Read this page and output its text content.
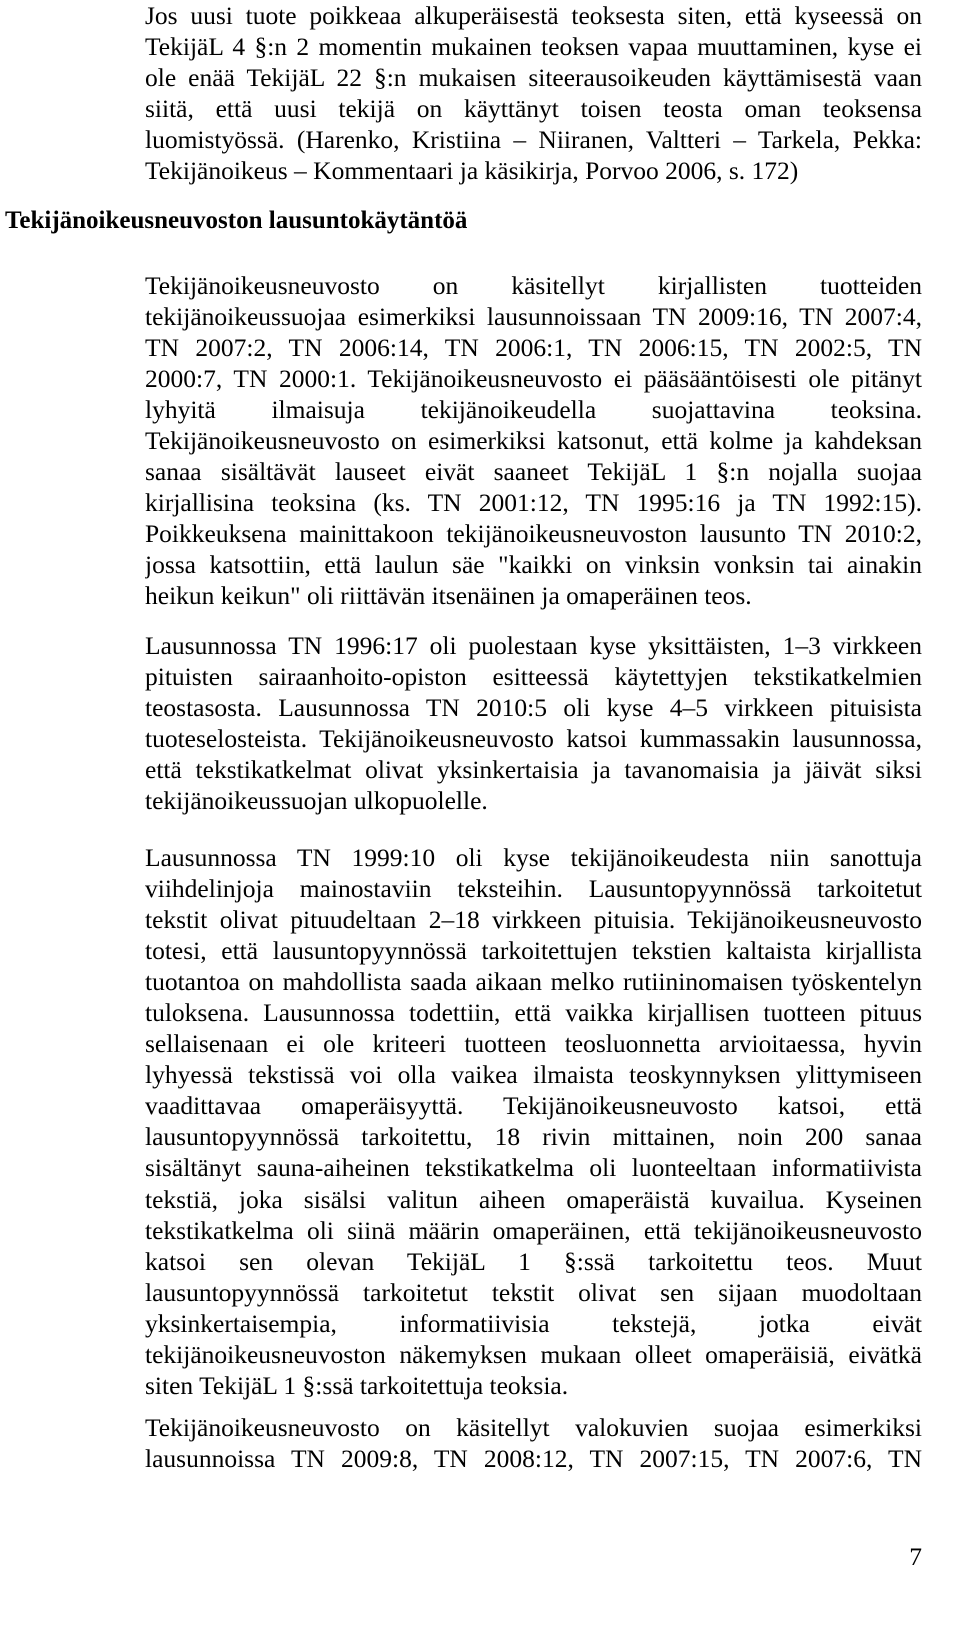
Jos uusi tuote poikkeaa alkuperäisestä teoksesta siten, että kyseessä on
TekijäL 4 §:n 2 momentin mukainen teoksen vapaa muuttaminen, kyse ei
ole enää TekijäL 22 §:n mukaisen siteerausoikeuden käyttämisestä vaan
siitä, että uusi tekijä on käyttänyt toisen teosta oman teoksensa
luomistyössä. (Harenko, Kristiina – Niiranen, Valtteri – Tarkela, Pekka:
Tekijänoikeus – Kommentaari ja käsikirja, Porvoo 2006, s. 172)
Tekijänoikeusneuvoston lausuntokäytäntöä
Tekijänoikeusneuvosto on käsitellyt kirjallisten tuotteiden
tekijänoikeussuojaa esimerkiksi lausunnoissaan TN 2009:16, TN 2007:4,
TN 2007:2, TN 2006:14, TN 2006:1, TN 2006:15, TN 2002:5, TN
2000:7, TN 2000:1. Tekijänoikeusneuvosto ei pääsääntöisesti ole pitänyt
lyhyitä ilmaisuja tekijänoikeudella suojattavina teoksina.
Tekijänoikeusneuvosto on esimerkiksi katsonut, että kolme ja kahdeksan
sanaa sisältävät lauseet eivät saaneet TekijäL 1 §:n nojalla suojaa
kirjallisina teoksina (ks. TN 2001:12, TN 1995:16 ja TN 1992:15).
Poikkeuksena mainittakoon tekijänoikeusneuvoston lausunto TN 2010:2,
jossa katsottiin, että laulun säe "kaikki on vinksin vonksin tai ainakin
heikun keikun" oli riittävän itsenäinen ja omaperäinen teos.
Lausunnossa TN 1996:17 oli puolestaan kyse yksittäisten, 1–3 virkkeen
pituisten sairaanhoito-opiston esitteessä käytettyjen tekstikatkelmien
teostasosta. Lausunnossa TN 2010:5 oli kyse 4–5 virkkeen pituisista
tuoteselosteista. Tekijänoikeusneuvosto katsoi kummassakin lausunnossa,
että tekstikatkelmat olivat yksinkertaisia ja tavanomaisia ja jäivät siksi
tekijänoikeussuojan ulkopuolelle.
Lausunnossa TN 1999:10 oli kyse tekijänoikeudesta niin sanottuja
viihdelinjoja mainostaviin teksteihin. Lausuntopyynnössä tarkoitetut
tekstit olivat pituudeltaan 2–18 virkkeen pituisia. Tekijänoikeusneuvosto
totesi, että lausuntopyynnössä tarkoitettujen tekstien kaltaista kirjallista
tuotantoa on mahdollista saada aikaan melko rutiininomaisen työskentelyn
tuloksena. Lausunnossa todettiin, että vaikka kirjallisen tuotteen pituus
sellaisenaan ei ole kriteeri tuotteen teosluonnetta arvioitaessa, hyvin
lyhyessä tekstissä voi olla vaikea ilmaista teoskynnyksen ylittymiseen
vaadittavaa omaperäisyyttä. Tekijänoikeusneuvosto katsoi, että
lausuntopyynnössä tarkoitettu, 18 rivin mittainen, noin 200 sanaa
sisältänyt sauna-aiheinen tekstikatkelma oli luonteeltaan informatiivista
tekstiä, joka sisälsi valitun aiheen omaperäistä kuvailua. Kyseinen
tekstikatkelma oli siinä määrin omaperäinen, että tekijänoikeusneuvosto
katsoi sen olevan TekijäL 1 §:ssä tarkoitettu teos. Muut
lausuntopyynnössä tarkoitetut tekstit olivat sen sijaan muodoltaan
yksinkertaisempia, informatiivisia tekstejä, jotka eivät
tekijänoikeusneuvoston näkemyksen mukaan olleet omaperäisiä, eivätkä
siten TekijäL 1 §:ssä tarkoitettuja teoksia.
Tekijänoikeusneuvosto on käsitellyt valokuvien suojaa esimerkiksi
lausunnoissa TN 2009:8, TN 2008:12, TN 2007:15, TN 2007:6, TN
7
